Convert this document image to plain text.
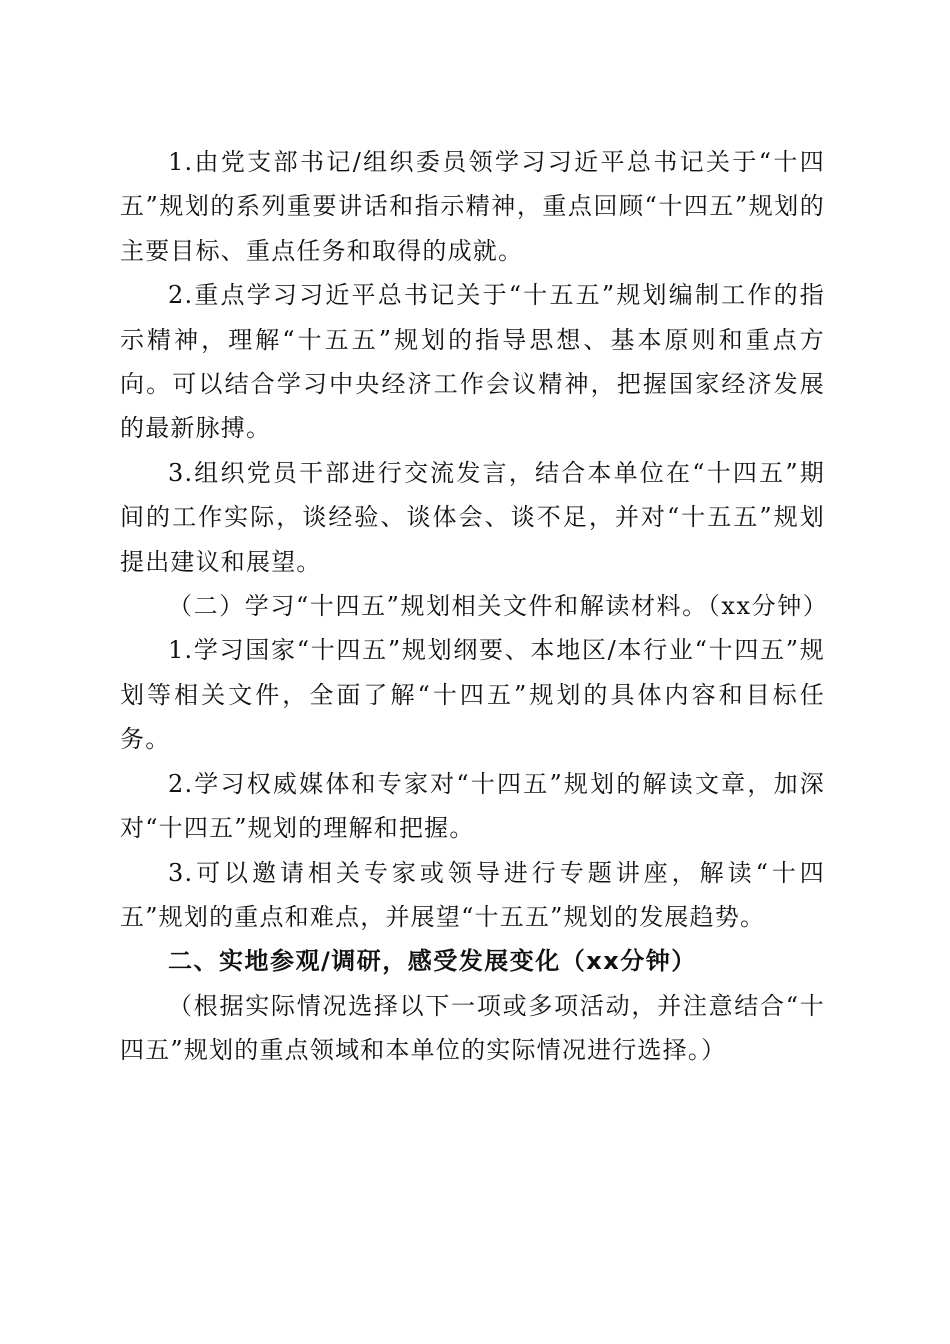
1.由党支部书记/组织委员领学习习近平总书记关于“十四五”规划的系列重要讲话和指示精神，重点回顾“十四五”规划的主要目标、重点任务和取得的成就。

2.重点学习习近平总书记关于“十五五”规划编制工作的指示精神，理解“十五五”规划的指导思想、基本原则和重点方向。可以结合学习中央经济工作会议精神，把握国家经济发展的最新脉搏。

3.组织党员干部进行交流发言，结合本单位在“十四五”期间的工作实际，谈经验、谈体会、谈不足，并对“十五五”规划提出建议和展望。

（二）学习“十四五”规划相关文件和解读材料。（xx分钟）

1.学习国家“十四五”规划纲要、本地区/本行业“十四五”规划等相关文件，全面了解“十四五”规划的具体内容和目标任务。

2.学习权威媒体和专家对“十四五”规划的解读文章，加深对“十四五”规划的理解和把握。

3.可以邀请相关专家或领导进行专题讲座，解读“十四五”规划的重点和难点，并展望“十五五”规划的发展趋势。

二、实地参观/调研，感受发展变化（xx分钟）

（根据实际情况选择以下一项或多项活动，并注意结合“十四五”规划的重点领域和本单位的实际情况进行选择。）
